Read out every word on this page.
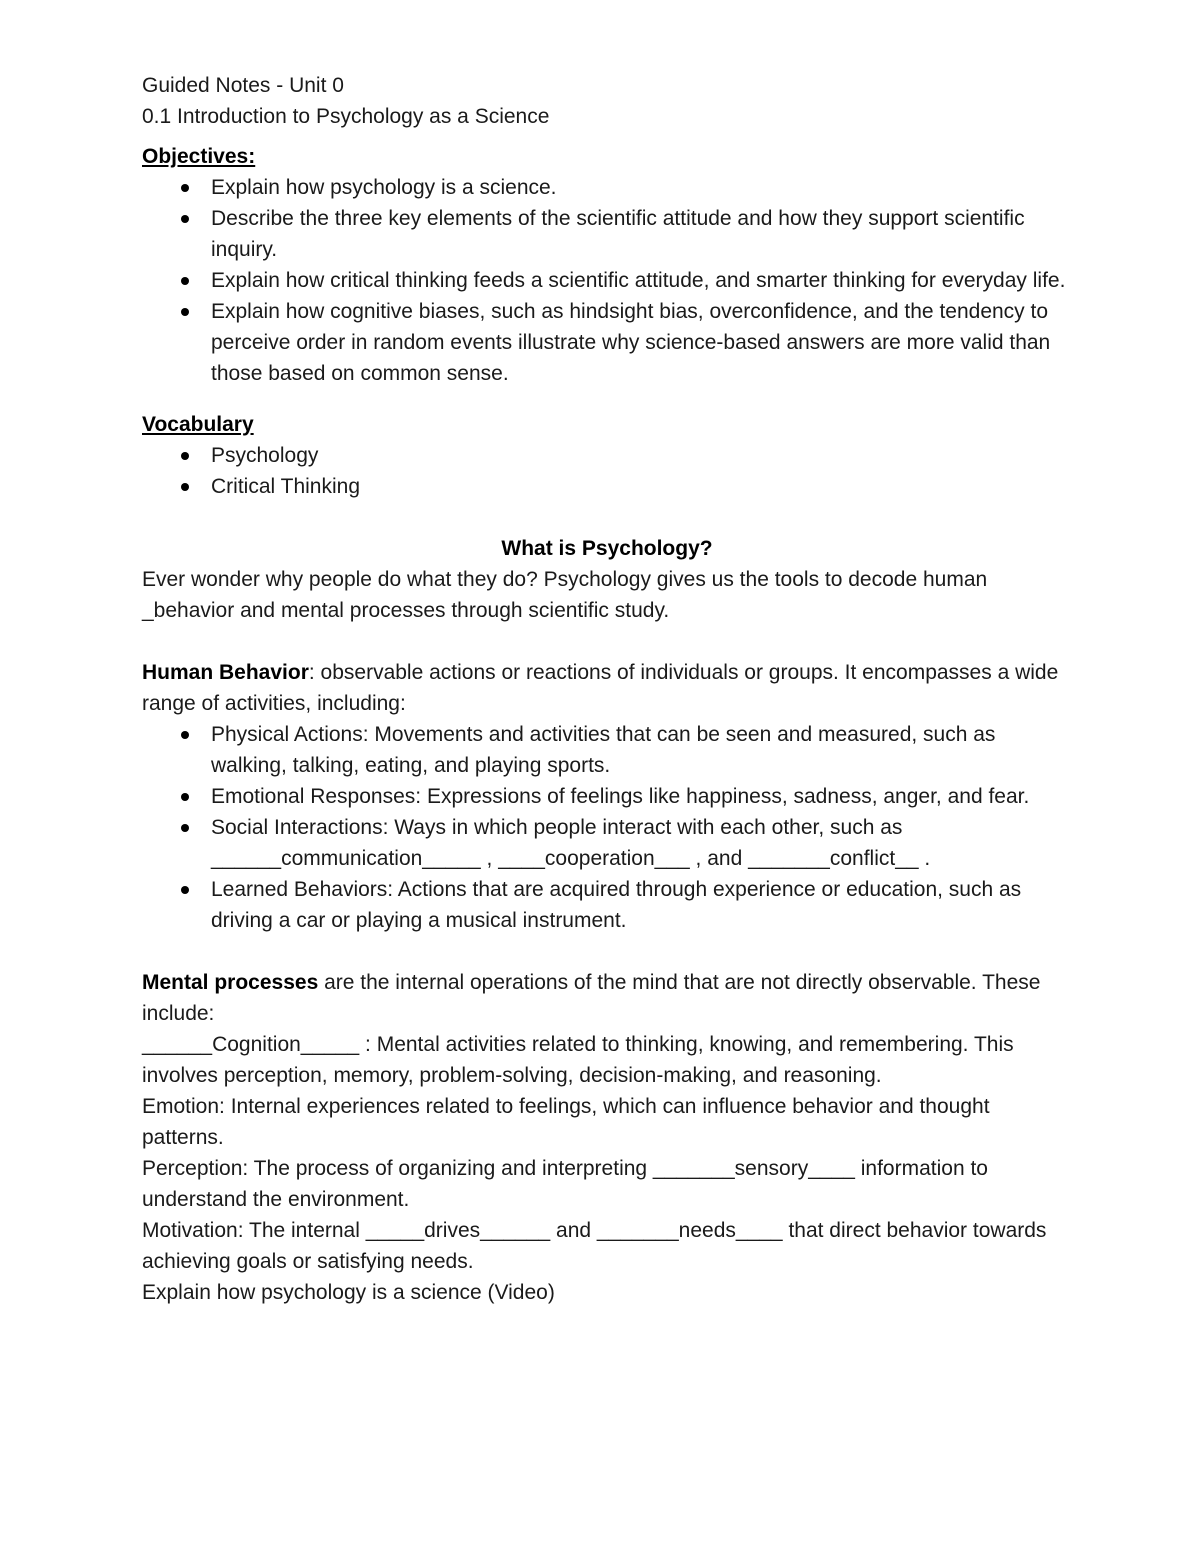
Guided Notes - Unit 0

0.1 Introduction to Psychology as a Science

Objectives:

Explain how psychology is a science.
Describe the three key elements of the scientific attitude and how they support scientific inquiry.
Explain how critical thinking feeds a scientific attitude, and smarter thinking for everyday life.
Explain how cognitive biases, such as hindsight bias, overconfidence, and the tendency to perceive order in random events illustrate why science-based answers are more valid than those based on common sense.

Vocabulary

Psychology
Critical Thinking

What is Psychology?

Ever wonder why people do what they do? Psychology gives us the tools to decode human _behavior and mental processes through scientific study.

Human Behavior: observable actions or reactions of individuals or groups. It encompasses a wide range of activities, including:

Physical Actions: Movements and activities that can be seen and measured, such as walking, talking, eating, and playing sports.
Emotional Responses: Expressions of feelings like happiness, sadness, anger, and fear.
Social Interactions: Ways in which people interact with each other, such as ______communication_____ , ____cooperation___ , and _______conflict__ .
Learned Behaviors: Actions that are acquired through experience or education, such as driving a car or playing a musical instrument.

Mental processes are the internal operations of the mind that are not directly observable. These include:

______Cognition_____ : Mental activities related to thinking, knowing, and remembering. This involves perception, memory, problem-solving, decision-making, and reasoning.

Emotion: Internal experiences related to feelings, which can influence behavior and thought patterns.

Perception: The process of organizing and interpreting _______sensory____ information to understand the environment.

Motivation: The internal _____drives______ and _______needs____ that direct behavior towards achieving goals or satisfying needs.

Explain how psychology is a science (Video)
